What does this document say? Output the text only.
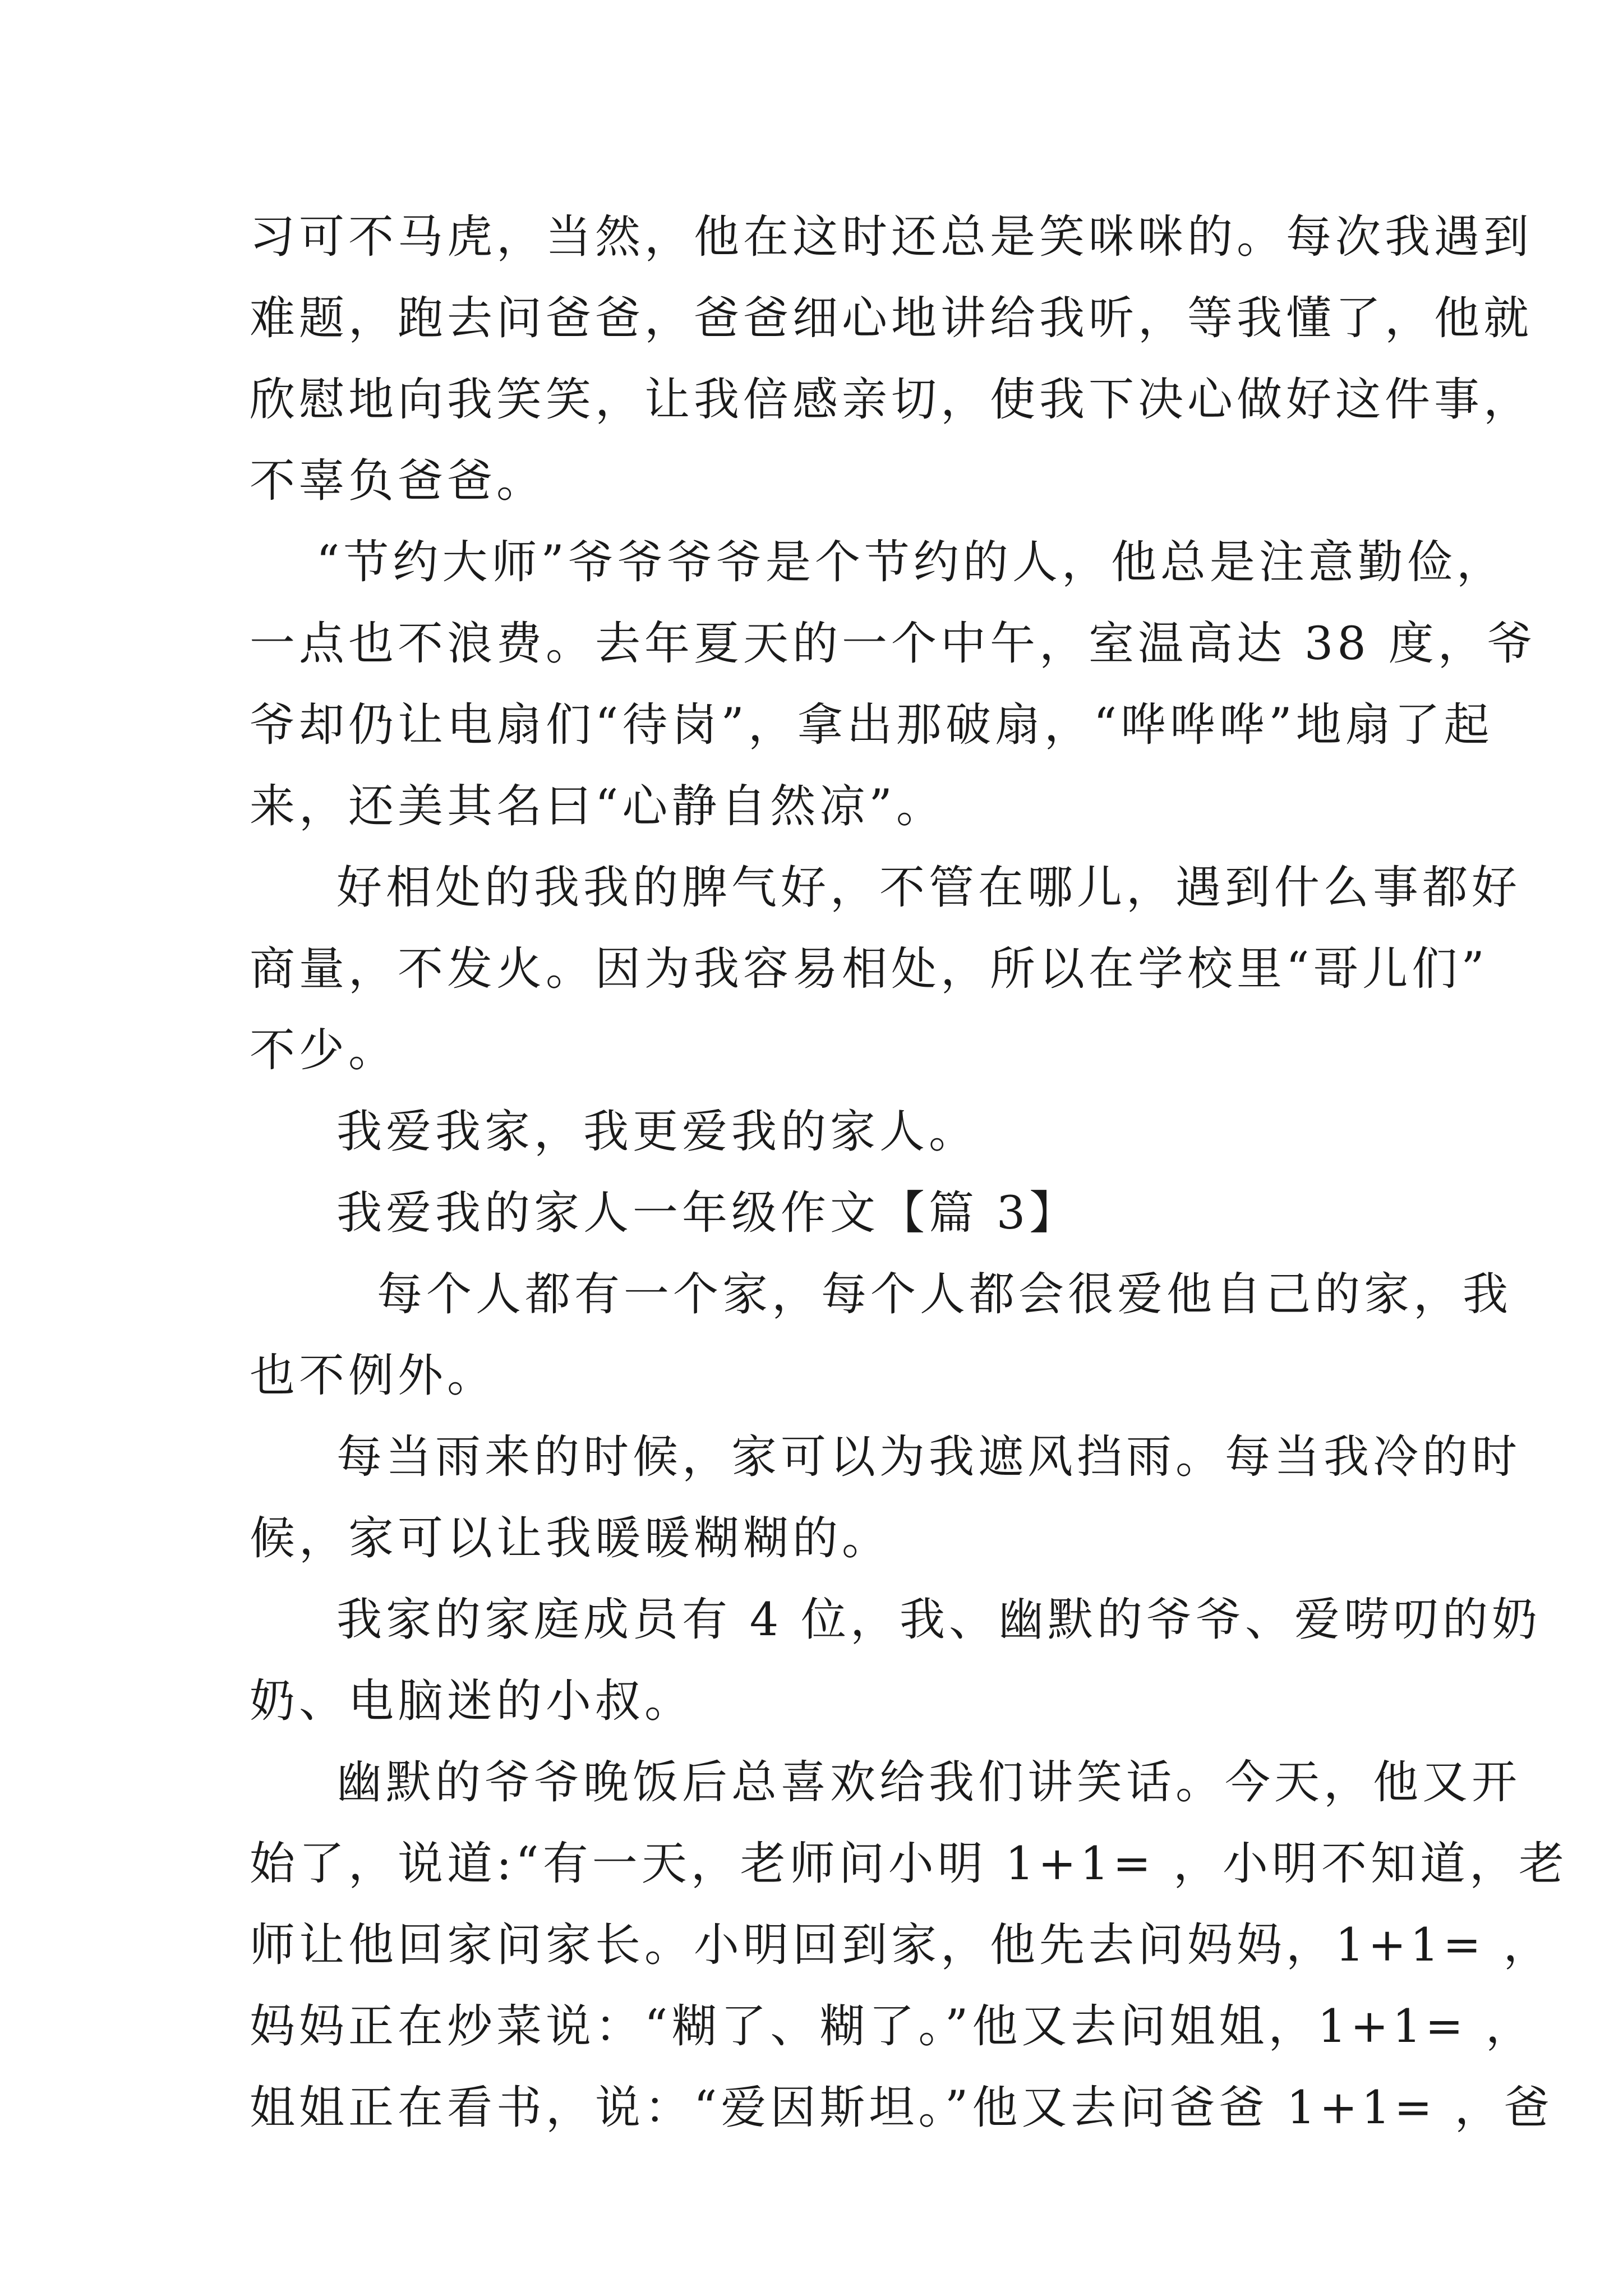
习可不马虎，当然，他在这时还总是笑咪咪的。每次我遇到
难题，跑去问爸爸，爸爸细心地讲给我听，等我懂了，他就
欣慰地向我笑笑，让我倍感亲切，使我下决心做好这件事，
不辜负爸爸。
“节约大师”爷爷爷爷是个节约的人，他总是注意勤俭，
一点也不浪费。去年夏天的一个中午，室温高达 38 度，爷
爷却仍让电扇们“待岗”，拿出那破扇，“哗哗哗”地扇了起
来，还美其名曰“心静自然凉”。
好相处的我我的脾气好，不管在哪儿，遇到什么事都好
商量，不发火。因为我容易相处，所以在学校里“哥儿们”
不少。
我爱我家，我更爱我的家人。
我爱我的家人一年级作文【篇 3】
每个人都有一个家，每个人都会很爱他自己的家，我
也不例外。
每当雨来的时候，家可以为我遮风挡雨。每当我冷的时
候，家可以让我暖暖糊糊的。
我家的家庭成员有 4 位，我、幽默的爷爷、爱唠叨的奶
奶、电脑迷的小叔。
幽默的爷爷晚饭后总喜欢给我们讲笑话。今天，他又开
始了，说道:“有一天，老师问小明 1+1= ，小明不知道，老
师让他回家问家长。小明回到家，他先去问妈妈，1+1= ，
妈妈正在炒菜说：“糊了、糊了。”他又去问姐姐，1+1= ，
姐姐正在看书，说：“爱因斯坦。”他又去问爸爸 1+1= ，爸
